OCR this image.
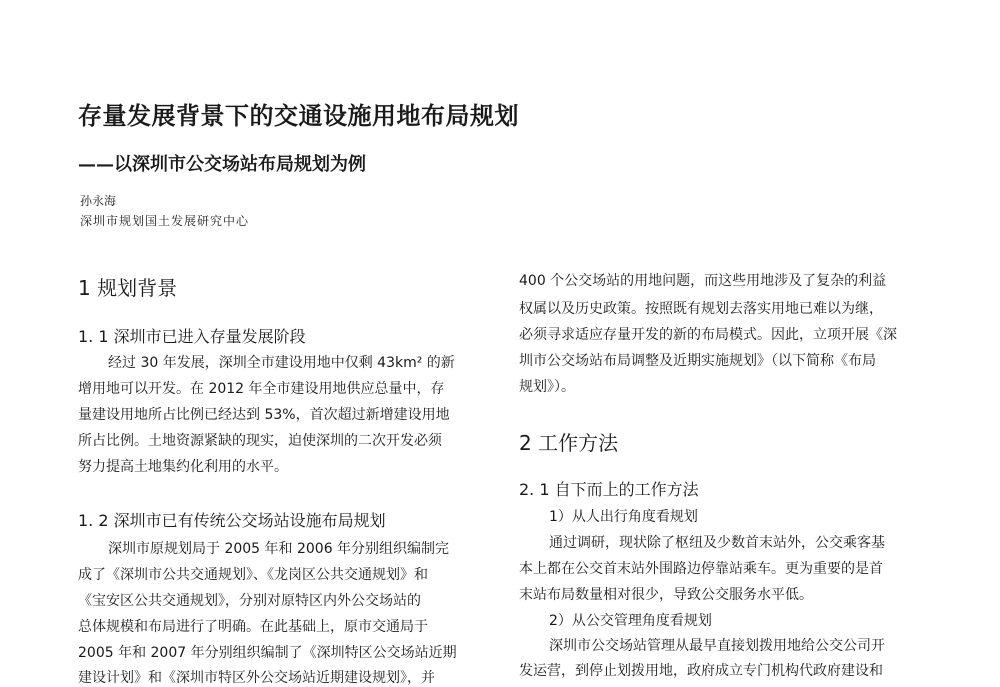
存量发展背景下的交通设施用地布局规划
——以深圳市公交场站布局规划为例
孙永海
深圳市规划国土发展研究中心
1 规划背景
1. 1 深圳市已进入存量发展阶段
经过 30 年发展，深圳全市建设用地中仅剩 43km² 的新
增用地可以开发。在 2012 年全市建设用地供应总量中，存
量建设用地所占比例已经达到 53%，首次超过新增建设用地
所占比例。土地资源紧缺的现实，迫使深圳的二次开发必须
努力提高土地集约化利用的水平。
1. 2 深圳市已有传统公交场站设施布局规划
深圳市原规划局于 2005 年和 2006 年分别组织编制完
成了《深圳市公共交通规划》、《龙岗区公共交通规划》和
《宝安区公共交通规划》，分别对原特区内外公交场站的
总体规模和布局进行了明确。在此基础上，原市交通局于
2005 年和 2007 年分别组织编制了《深圳特区公交场站近期
建设计划》和《深圳市特区外公交场站近期建设规划》，并
400 个公交场站的用地问题，而这些用地涉及了复杂的利益
权属以及历史政策。按照既有规划去落实用地已难以为继，
必须寻求适应存量开发的新的布局模式。因此，立项开展《深
圳市公交场站布局调整及近期实施规划》（以下简称《布局
规划》）。
2 工作方法
2. 1 自下而上的工作方法
1）从人出行角度看规划
通过调研，现状除了枢纽及少数首末站外，公交乘客基
本上都在公交首末站外围路边停靠站乘车。更为重要的是首
末站布局数量相对很少，导致公交服务水平低。
2）从公交管理角度看规划
深圳市公交场站管理从最早直接划拨用地给公交公司开
发运营，到停止划拨用地，政府成立专门机构代政府建设和
